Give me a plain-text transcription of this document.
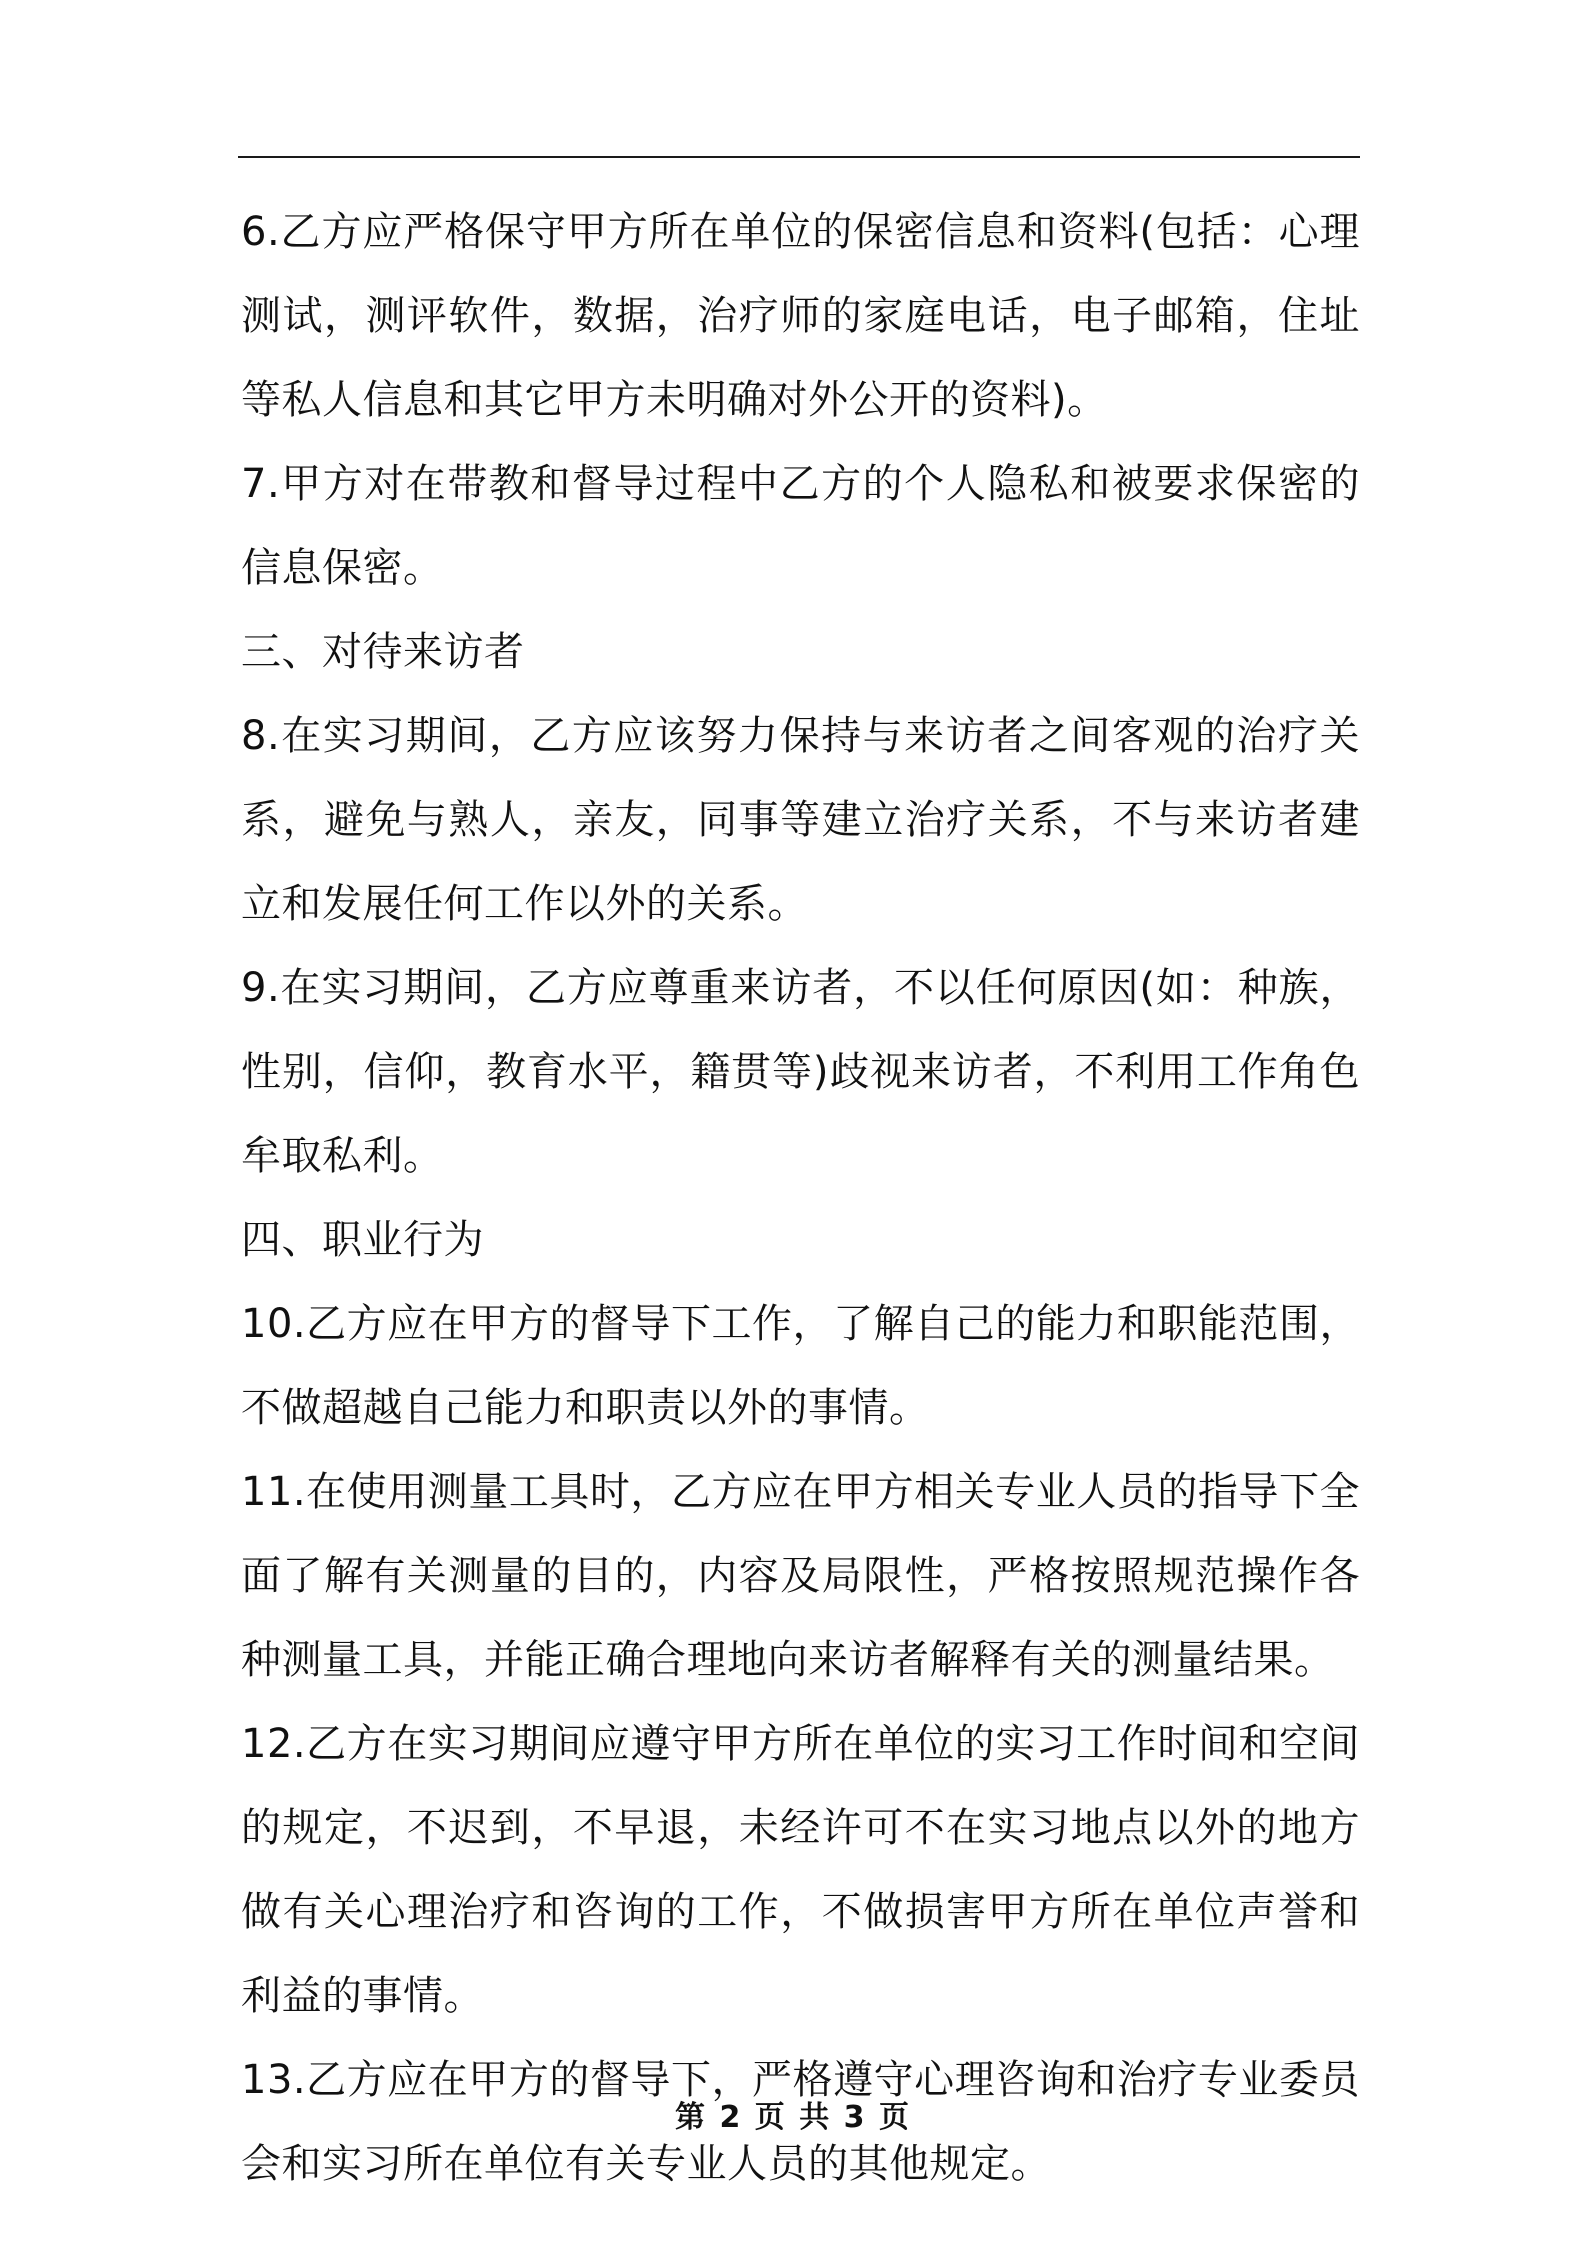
6.乙方应严格保守甲方所在单位的保密信息和资料(包括：心理测试，测评软件，数据，治疗师的家庭电话，电子邮箱，住址等私人信息和其它甲方未明确对外公开的资料)。

7.甲方对在带教和督导过程中乙方的个人隐私和被要求保密的信息保密。

三、对待来访者

8.在实习期间，乙方应该努力保持与来访者之间客观的治疗关系，避免与熟人，亲友，同事等建立治疗关系，不与来访者建立和发展任何工作以外的关系。

9.在实习期间，乙方应尊重来访者，不以任何原因(如：种族，性别，信仰，教育水平，籍贯等)歧视来访者，不利用工作角色牟取私利。

四、职业行为

10.乙方应在甲方的督导下工作，了解自己的能力和职能范围，不做超越自己能力和职责以外的事情。

11.在使用测量工具时，乙方应在甲方相关专业人员的指导下全面了解有关测量的目的，内容及局限性，严格按照规范操作各种测量工具，并能正确合理地向来访者解释有关的测量结果。

12.乙方在实习期间应遵守甲方所在单位的实习工作时间和空间的规定，不迟到，不早退，未经许可不在实习地点以外的地方做有关心理治疗和咨询的工作，不做损害甲方所在单位声誉和利益的事情。

13.乙方应在甲方的督导下，严格遵守心理咨询和治疗专业委员会和实习所在单位有关专业人员的其他规定。

第 2 页 共 3 页
